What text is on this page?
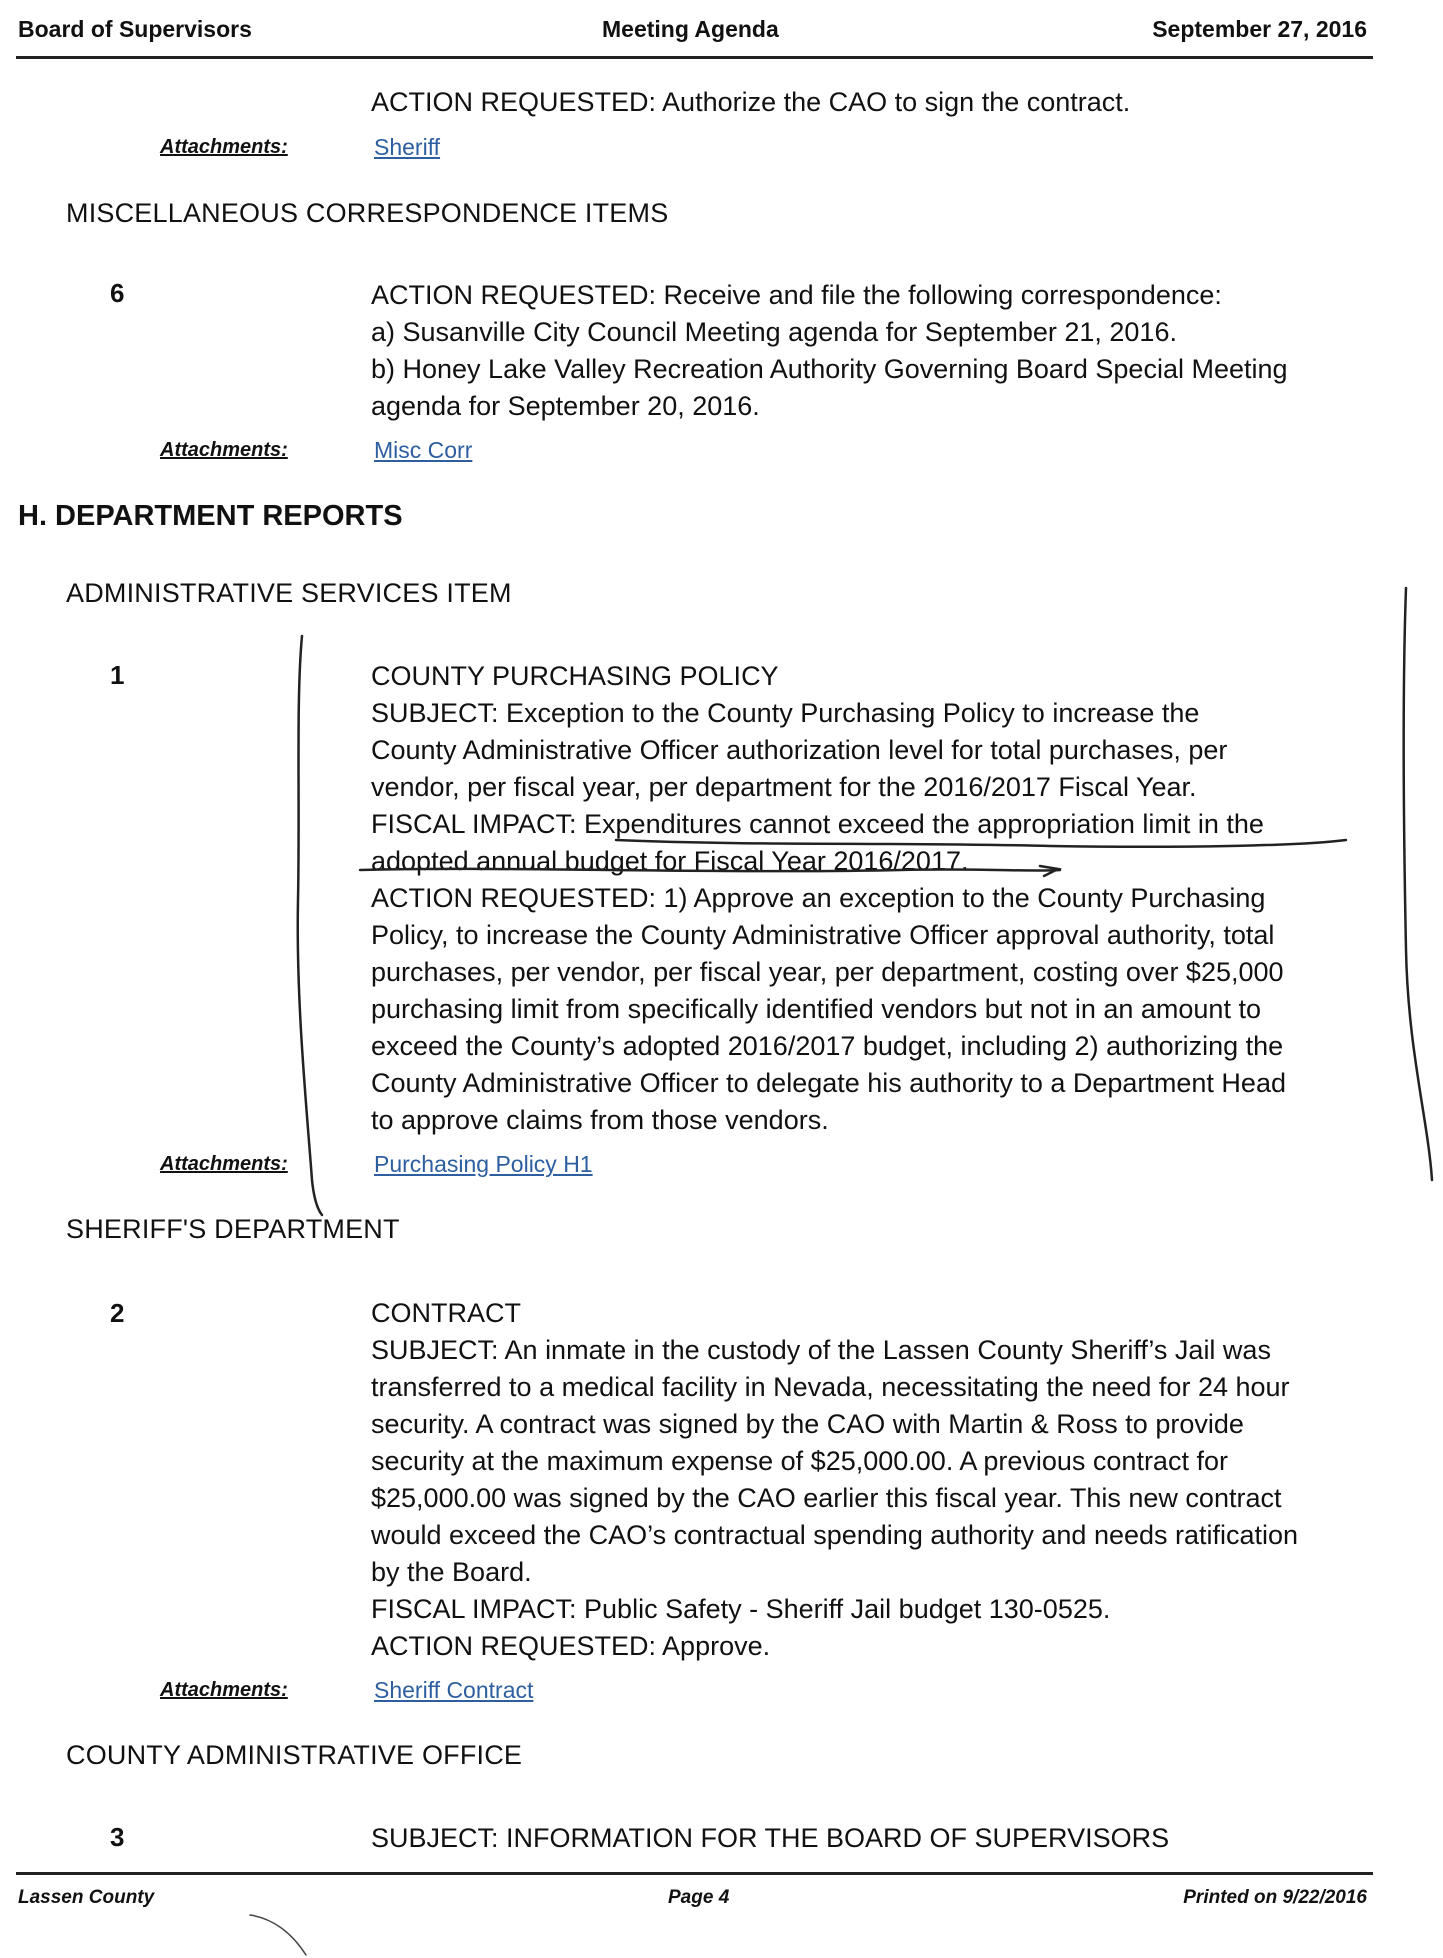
Board of Supervisors	Meeting Agenda	September 27, 2016
ACTION REQUESTED: Authorize the CAO to sign the contract.
Attachments:	Sheriff
MISCELLANEOUS CORRESPONDENCE ITEMS
6	ACTION REQUESTED: Receive and file the following correspondence:
a) Susanville City Council Meeting agenda for September 21, 2016.
b) Honey Lake Valley Recreation Authority Governing Board Special Meeting
agenda for September 20, 2016.
Attachments:	Misc Corr
H. DEPARTMENT REPORTS
ADMINISTRATIVE SERVICES ITEM
1	COUNTY PURCHASING POLICY
SUBJECT: Exception to the County Purchasing Policy to increase the
County Administrative Officer authorization level for total purchases, per
vendor, per fiscal year, per department for the 2016/2017 Fiscal Year.
FISCAL IMPACT: Expenditures cannot exceed the appropriation limit in the
adopted annual budget for Fiscal Year 2016/2017.
ACTION REQUESTED: 1) Approve an exception to the County Purchasing
Policy, to increase the County Administrative Officer approval authority, total
purchases, per vendor, per fiscal year, per department, costing over $25,000
purchasing limit from specifically identified vendors but not in an amount to
exceed the County’s adopted 2016/2017 budget, including 2) authorizing the
County Administrative Officer to delegate his authority to a Department Head
to approve claims from those vendors.
Attachments:	Purchasing Policy H1
SHERIFF'S DEPARTMENT
2	CONTRACT
SUBJECT: An inmate in the custody of the Lassen County Sheriff’s Jail was
transferred to a medical facility in Nevada, necessitating the need for 24 hour
security. A contract was signed by the CAO with Martin & Ross to provide
security at the maximum expense of $25,000.00. A previous contract for
$25,000.00 was signed by the CAO earlier this fiscal year. This new contract
would exceed the CAO’s contractual spending authority and needs ratification
by the Board.
FISCAL IMPACT: Public Safety - Sheriff Jail budget 130-0525.
ACTION REQUESTED: Approve.
Attachments:	Sheriff Contract
COUNTY ADMINISTRATIVE OFFICE
3	SUBJECT: INFORMATION FOR THE BOARD OF SUPERVISORS
Lassen County	Page 4	Printed on 9/22/2016
